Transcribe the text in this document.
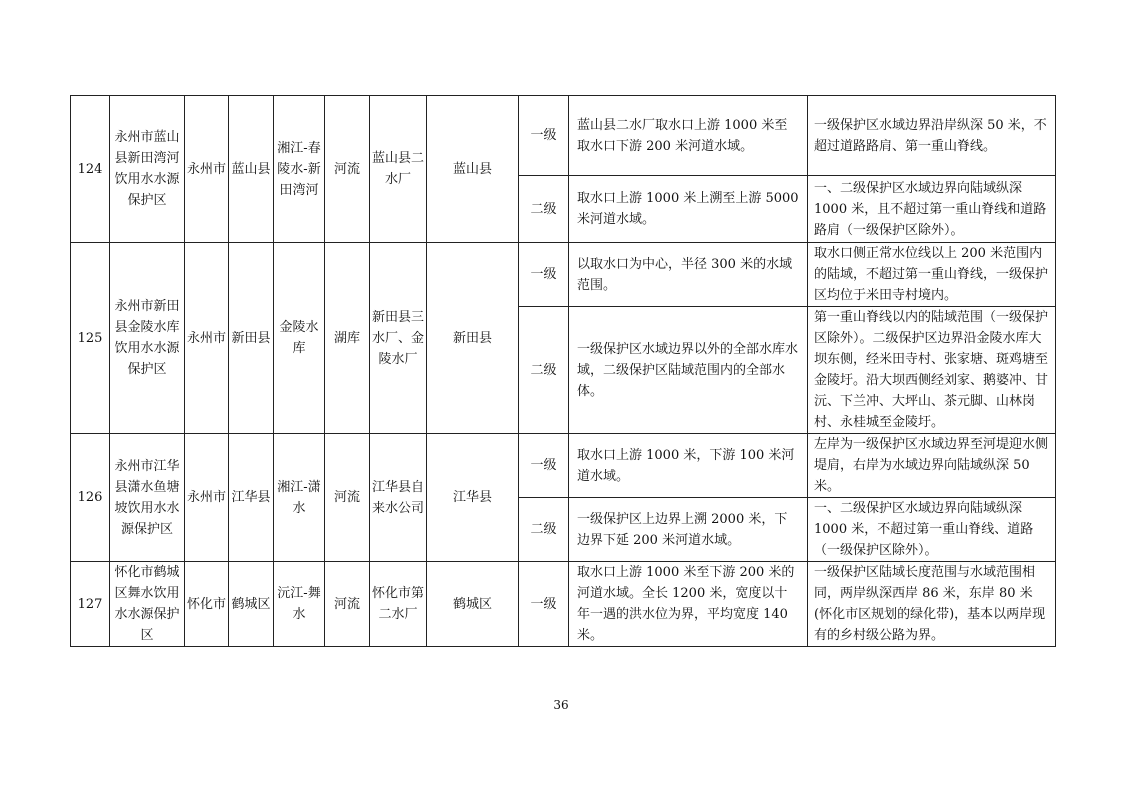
124	永州市蓝山县新田湾河饮用水水源保护区	永州市	蓝山县	湘江-春陵水-新田湾河	河流	蓝山县二水厂	蓝山县	一级	蓝山县二水厂取水口上游 1000 米至取水口下游 200 米河道水域。	一级保护区水域边界沿岸纵深 50 米，不超过道路路肩、第一重山脊线。
								二级	取水口上游 1000 米上溯至上游 5000 米河道水域。	一、二级保护区水域边界向陆域纵深 1000 米，且不超过第一重山脊线和道路路肩（一级保护区除外）。
125	永州市新田县金陵水库饮用水水源保护区	永州市	新田县	金陵水库	湖库	新田县三水厂、金陵水厂	新田县	一级	以取水口为中心，半径 300 米的水域范围。	取水口侧正常水位线以上 200 米范围内的陆域，不超过第一重山脊线，一级保护区均位于米田寺村境内。
								二级	一级保护区水域边界以外的全部水库水域，二级保护区陆域范围内的全部水体。	第一重山脊线以内的陆域范围（一级保护区除外）。二级保护区边界沿金陵水库大坝东侧，经米田寺村、张家塘、斑鸡塘至金陵圩。沿大坝西侧经刘家、鹅婆冲、甘沅、下兰冲、大坪山、茶元脚、山林岗村、永桂城至金陵圩。
126	永州市江华县潇水鱼塘坡饮用水水源保护区	永州市	江华县	湘江-潇水	河流	江华县自来水公司	江华县	一级	取水口上游 1000 米，下游 100 米河道水域。	左岸为一级保护区水域边界至河堤迎水侧堤肩，右岸为水域边界向陆域纵深 50 米。
								二级	一级保护区上边界上溯 2000 米，下边界下延 200 米河道水域。	一、二级保护区水域边界向陆域纵深 1000 米，不超过第一重山脊线、道路（一级保护区除外）。
127	怀化市鹤城区舞水饮用水水源保护区	怀化市	鹤城区	沅江-舞水	河流	怀化市第二水厂	鹤城区	一级	取水口上游 1000 米至下游 200 米的河道水域。全长 1200 米，宽度以十年一遇的洪水位为界，平均宽度 140 米。	一级保护区陆域长度范围与水域范围相同，两岸纵深西岸 86 米，东岸 80 米(怀化市区规划的绿化带)，基本以两岸现有的乡村级公路为界。
36
